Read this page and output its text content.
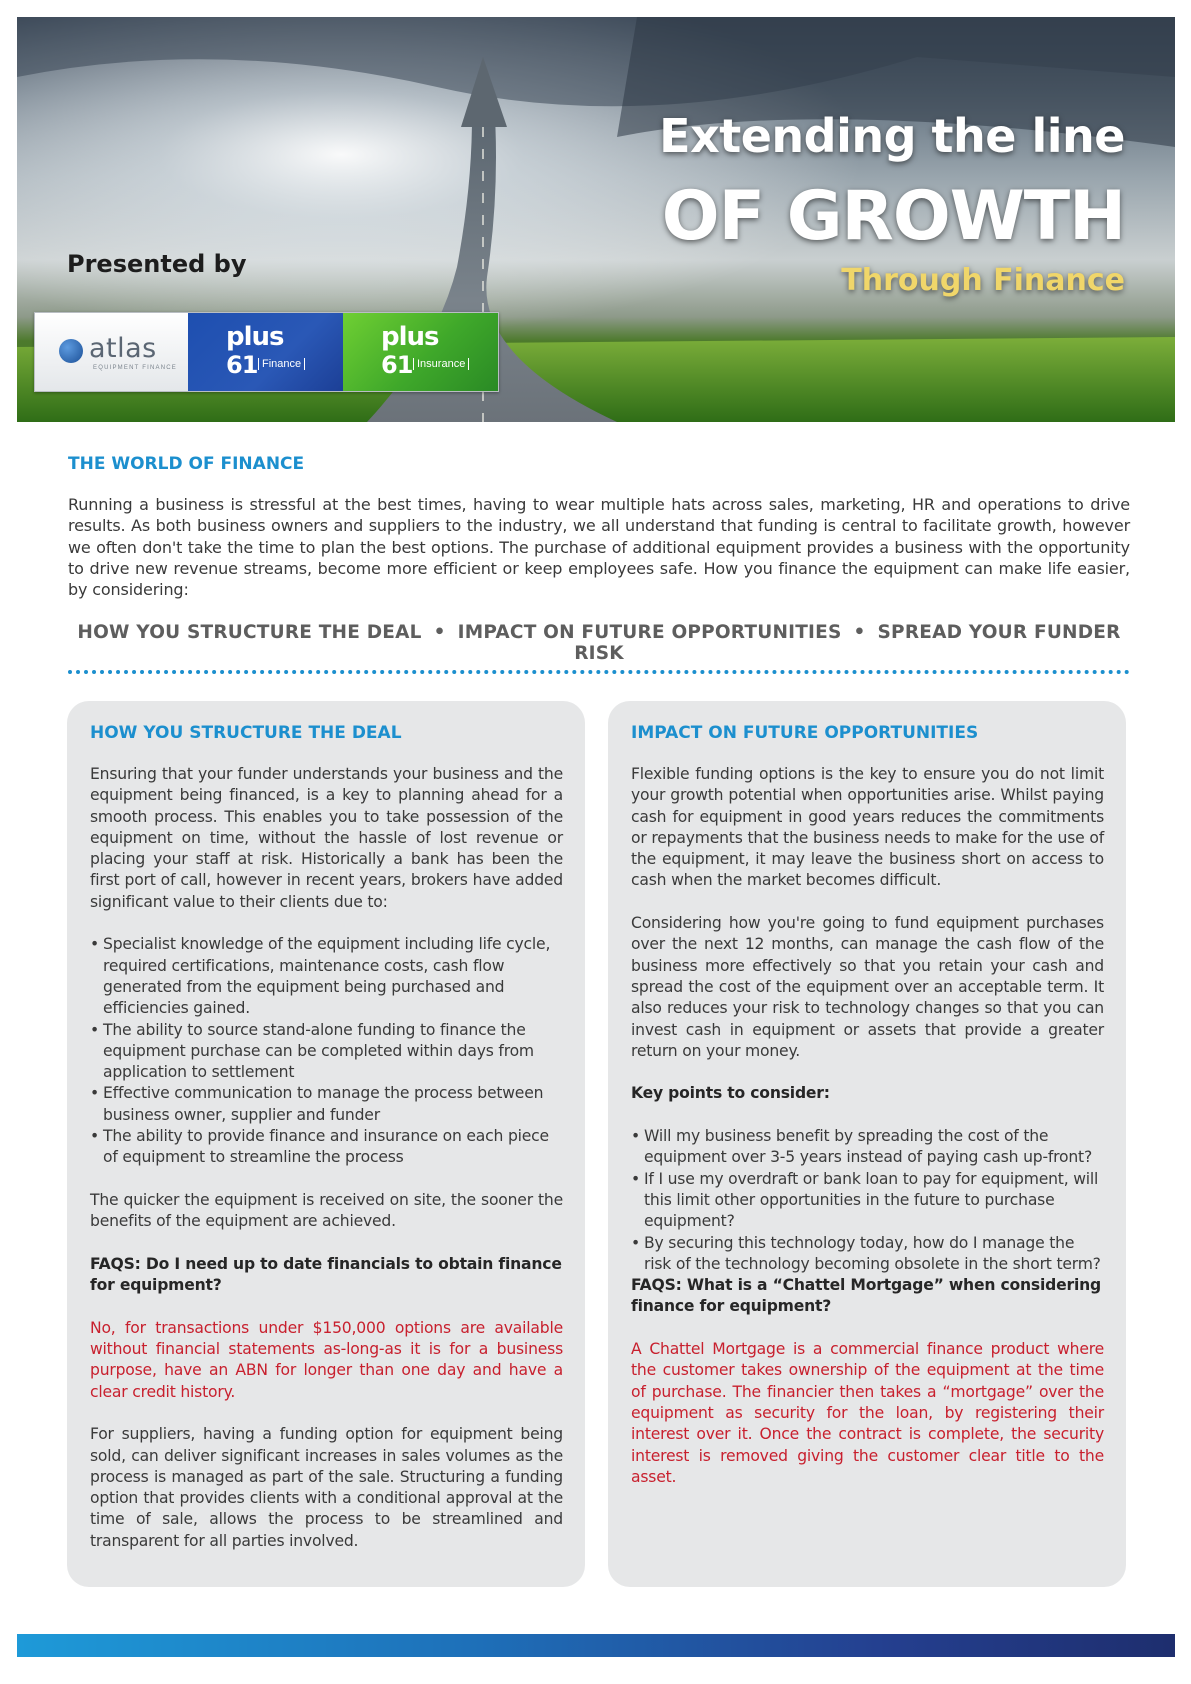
Extending the line
OF GROWTH
Through Finance
Presented by
atlas
EQUIPMENT FINANCE
plus
61 Finance
plus
61 Insurance
THE WORLD OF FINANCE

Running a business is stressful at the best times, having to wear multiple hats across sales, marketing, HR and operations to drive results. As both business owners and suppliers to the industry, we all understand that funding is central to facilitate growth, however we often don't take the time to plan the best options. The purchase of additional equipment provides a business with the opportunity to drive new revenue streams, become more efficient or keep employees safe. How you finance the equipment can make life easier, by considering:

HOW YOU STRUCTURE THE DEAL • IMPACT ON FUTURE OPPORTUNITIES • SPREAD YOUR FUNDER RISK
HOW YOU STRUCTURE THE DEAL

Ensuring that your funder understands your business and the equipment being financed, is a key to planning ahead for a smooth process. This enables you to take possession of the equipment on time, without the hassle of lost revenue or placing your staff at risk. Historically a bank has been the first port of call, however in recent years, brokers have added significant value to their clients due to:

• Specialist knowledge of the equipment including life cycle, required certifications, maintenance costs, cash flow generated from the equipment being purchased and efficiencies gained.
• The ability to source stand-alone funding to finance the equipment purchase can be completed within days from application to settlement
• Effective communication to manage the process between business owner, supplier and funder
• The ability to provide finance and insurance on each piece of equipment to streamline the process

The quicker the equipment is received on site, the sooner the benefits of the equipment are achieved.

FAQS: Do I need up to date financials to obtain finance for equipment?

No, for transactions under $150,000 options are available without financial statements as-long-as it is for a business purpose, have an ABN for longer than one day and have a clear credit history.

For suppliers, having a funding option for equipment being sold, can deliver significant increases in sales volumes as the process is managed as part of the sale. Structuring a funding option that provides clients with a conditional approval at the time of sale, allows the process to be streamlined and transparent for all parties involved.

IMPACT ON FUTURE OPPORTUNITIES

Flexible funding options is the key to ensure you do not limit your growth potential when opportunities arise. Whilst paying cash for equipment in good years reduces the commitments or repayments that the business needs to make for the use of the equipment, it may leave the business short on access to cash when the market becomes difficult.

Considering how you're going to fund equipment purchases over the next 12 months, can manage the cash flow of the business more effectively so that you retain your cash and spread the cost of the equipment over an acceptable term. It also reduces your risk to technology changes so that you can invest cash in equipment or assets that provide a greater return on your money.

Key points to consider:

• Will my business benefit by spreading the cost of the equipment over 3-5 years instead of paying cash up-front?
• If I use my overdraft or bank loan to pay for equipment, will this limit other opportunities in the future to purchase equipment?
• By securing this technology today, how do I manage the risk of the technology becoming obsolete in the short term?

FAQS: What is a “Chattel Mortgage” when considering finance for equipment?

A Chattel Mortgage is a commercial finance product where the customer takes ownership of the equipment at the time of purchase. The financier then takes a “mortgage” over the equipment as security for the loan, by registering their interest over it. Once the contract is complete, the security interest is removed giving the customer clear title to the asset.
